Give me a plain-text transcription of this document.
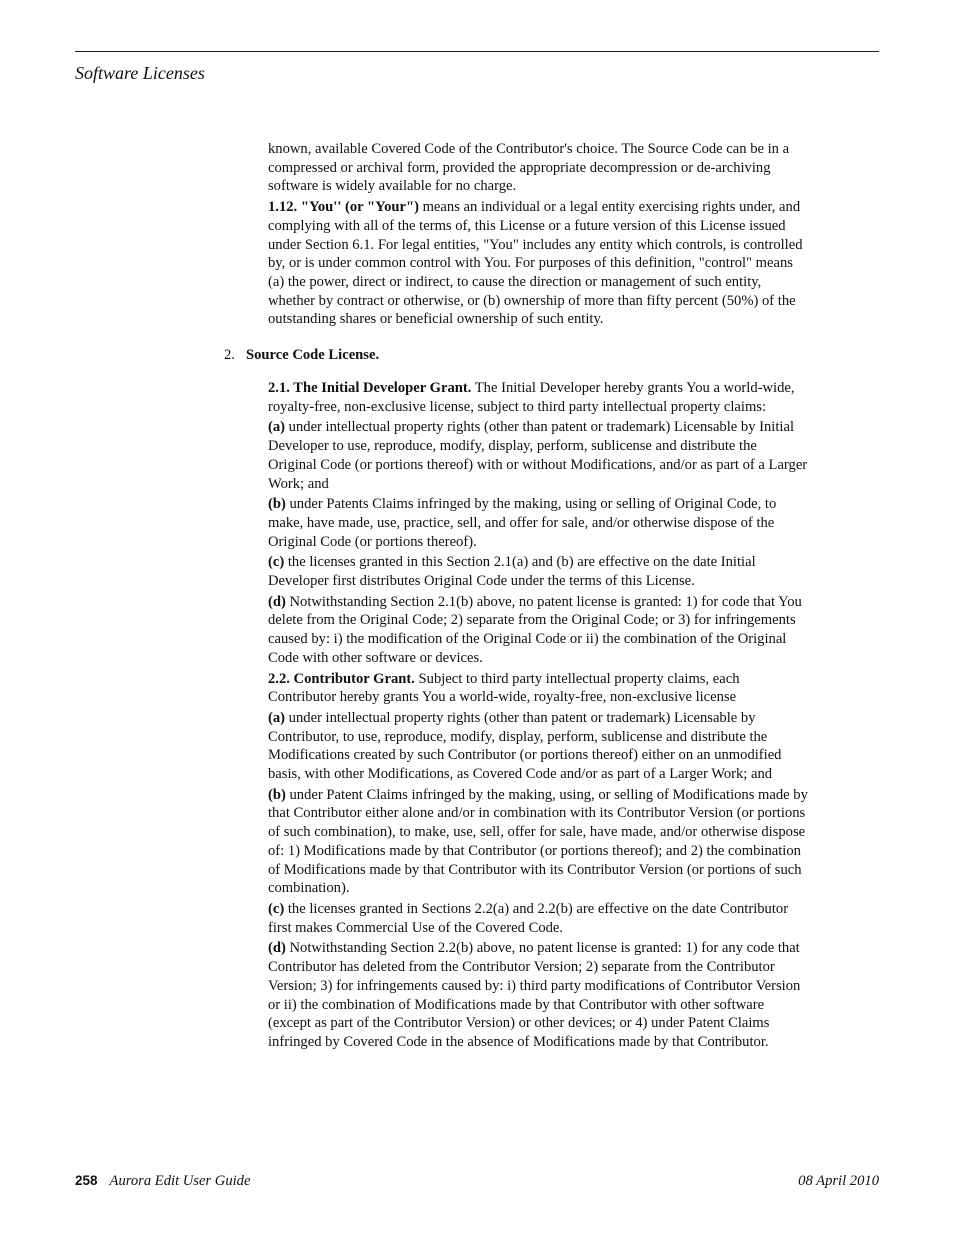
Software Licenses

known, available Covered Code of the Contributor's choice. The Source Code can be in a compressed or archival form, provided the appropriate decompression or de-archiving software is widely available for no charge.

1.12. "You'' (or "Your") means an individual or a legal entity exercising rights under, and complying with all of the terms of, this License or a future version of this License issued under Section 6.1. For legal entities, "You" includes any entity which controls, is controlled by, or is under common control with You. For purposes of this definition, "control" means (a) the power, direct or indirect, to cause the direction or management of such entity, whether by contract or otherwise, or (b) ownership of more than fifty percent (50%) of the outstanding shares or beneficial ownership of such entity.

2. Source Code License.

2.1. The Initial Developer Grant. The Initial Developer hereby grants You a world-wide, royalty-free, non-exclusive license, subject to third party intellectual property claims:

(a) under intellectual property rights (other than patent or trademark) Licensable by Initial Developer to use, reproduce, modify, display, perform, sublicense and distribute the Original Code (or portions thereof) with or without Modifications, and/or as part of a Larger Work; and

(b) under Patents Claims infringed by the making, using or selling of Original Code, to make, have made, use, practice, sell, and offer for sale, and/or otherwise dispose of the Original Code (or portions thereof).

(c) the licenses granted in this Section 2.1(a) and (b) are effective on the date Initial Developer first distributes Original Code under the terms of this License.

(d) Notwithstanding Section 2.1(b) above, no patent license is granted: 1) for code that You delete from the Original Code; 2) separate from the Original Code; or 3) for infringements caused by: i) the modification of the Original Code or ii) the combination of the Original Code with other software or devices.

2.2. Contributor Grant. Subject to third party intellectual property claims, each Contributor hereby grants You a world-wide, royalty-free, non-exclusive license

(a) under intellectual property rights (other than patent or trademark) Licensable by Contributor, to use, reproduce, modify, display, perform, sublicense and distribute the Modifications created by such Contributor (or portions thereof) either on an unmodified basis, with other Modifications, as Covered Code and/or as part of a Larger Work; and

(b) under Patent Claims infringed by the making, using, or selling of Modifications made by that Contributor either alone and/or in combination with its Contributor Version (or portions of such combination), to make, use, sell, offer for sale, have made, and/or otherwise dispose of: 1) Modifications made by that Contributor (or portions thereof); and 2) the combination of Modifications made by that Contributor with its Contributor Version (or portions of such combination).

(c) the licenses granted in Sections 2.2(a) and 2.2(b) are effective on the date Contributor first makes Commercial Use of the Covered Code.

(d) Notwithstanding Section 2.2(b) above, no patent license is granted: 1) for any code that Contributor has deleted from the Contributor Version; 2) separate from the Contributor Version; 3) for infringements caused by: i) third party modifications of Contributor Version or ii) the combination of Modifications made by that Contributor with other software (except as part of the Contributor Version) or other devices; or 4) under Patent Claims infringed by Covered Code in the absence of Modifications made by that Contributor.

258 Aurora Edit User Guide	08 April 2010
